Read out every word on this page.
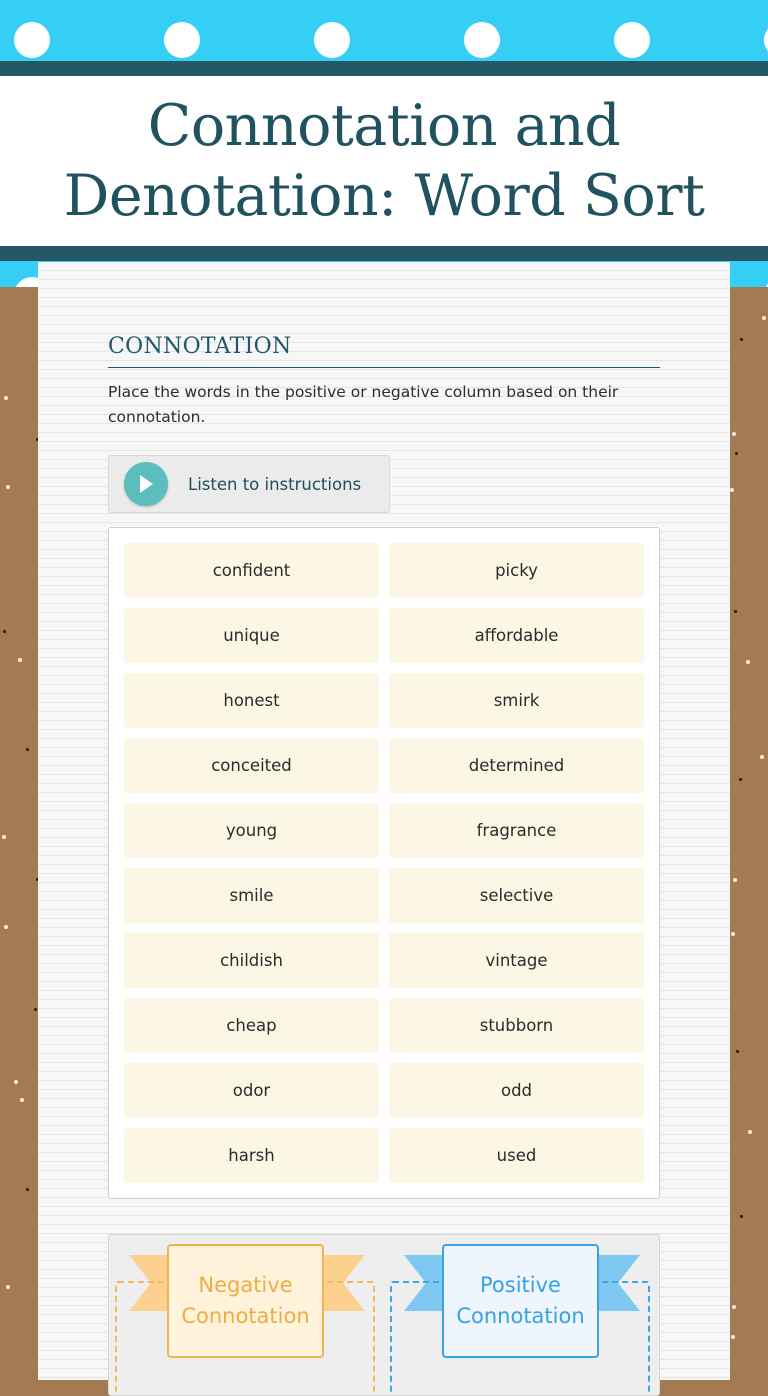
Connotation and
Denotation: Word Sort
CONNOTATION
Place the words in the positive or negative column based on their connotation.
Listen to instructions
confident	picky
unique	affordable
honest	smirk
conceited	determined
young	fragrance
smile	selective
childish	vintage
cheap	stubborn
odor	odd
harsh	used
Negative Connotation
Positive Connotation
